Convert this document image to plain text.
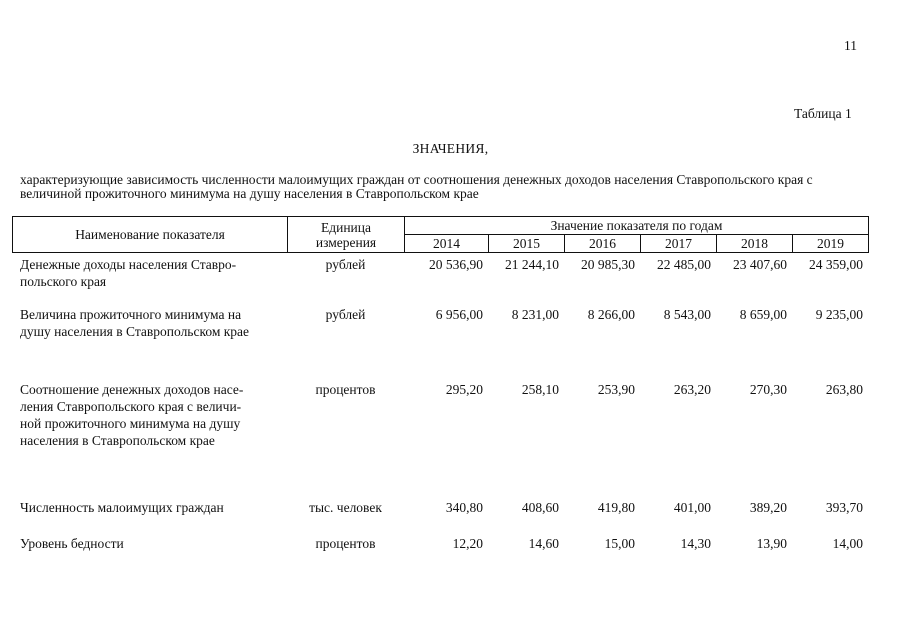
11
Таблица 1
ЗНАЧЕНИЯ,
характеризующие зависимость численности малоимущих граждан от соотношения денежных доходов населения Ставропольского края с величиной прожиточного минимума на душу населения в Ставропольском крае
Наименование показателя	Единица
измерения	Значение показателя по годам					
		2014	2015	2016	2017	2018	2019
Денежные доходы населения Ставро-
польского края	рублей	20 536,90	21 244,10	20 985,30	22 485,00	23 407,60	24 359,00
Величина прожиточного минимума на
душу населения в Ставропольском крае	рублей	6 956,00	8 231,00	8 266,00	8 543,00	8 659,00	9 235,00
Соотношение денежных доходов насе-
ления Ставропольского края с величи-
ной прожиточного минимума на душу
населения в Ставропольском крае	процентов	295,20	258,10	253,90	263,20	270,30	263,80
Численность малоимущих граждан	тыс. человек	340,80	408,60	419,80	401,00	389,20	393,70
Уровень бедности	процентов	12,20	14,60	15,00	14,30	13,90	14,00
